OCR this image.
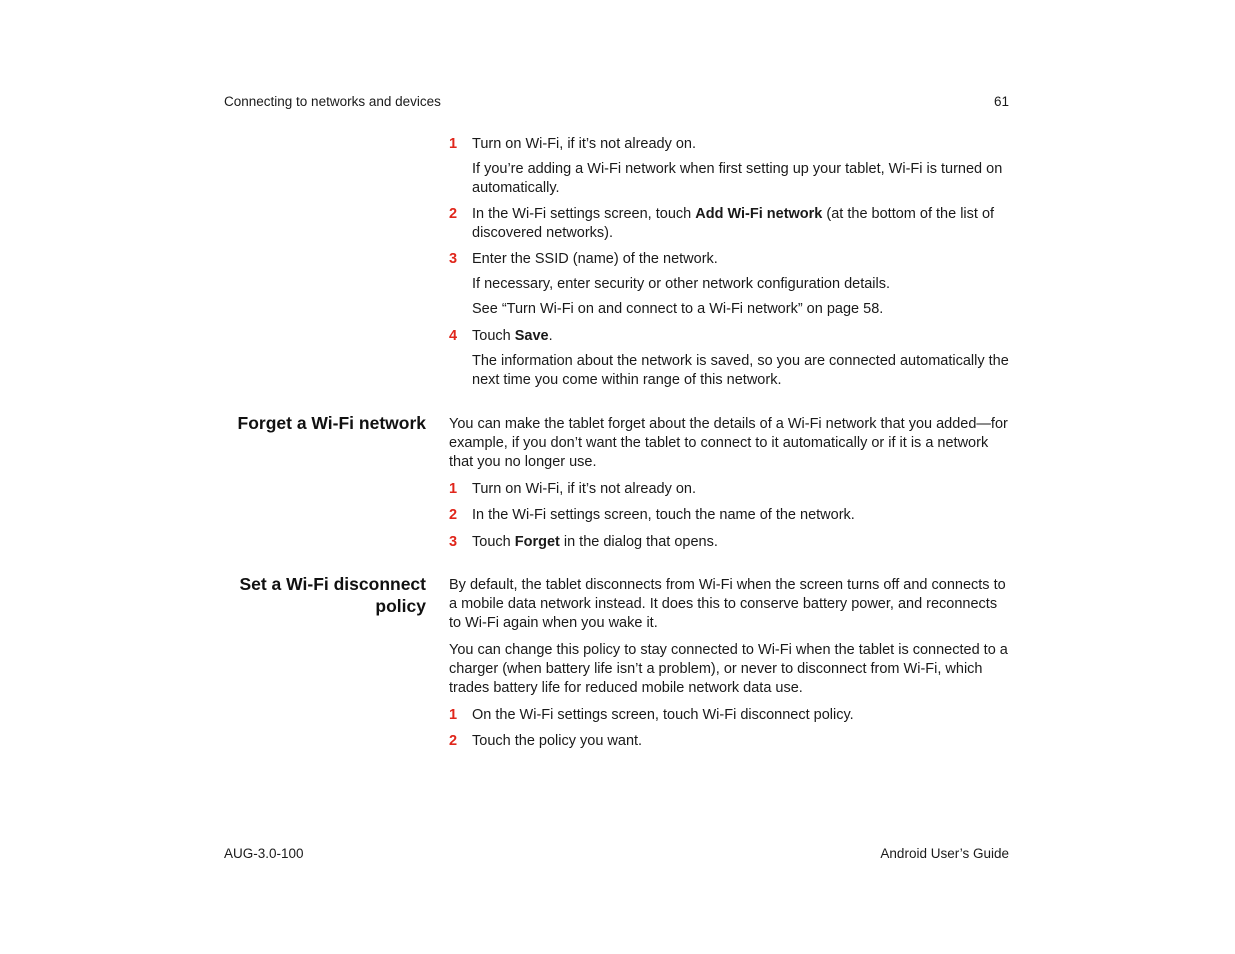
Connecting to networks and devices	61

1 Turn on Wi-Fi, if it’s not already on.

If you’re adding a Wi-Fi network when first setting up your tablet, Wi-Fi is turned on automatically.

2 In the Wi-Fi settings screen, touch Add Wi-Fi network (at the bottom of the list of discovered networks).

3 Enter the SSID (name) of the network.

If necessary, enter security or other network configuration details.

See “Turn Wi-Fi on and connect to a Wi-Fi network” on page 58.

4 Touch Save.

The information about the network is saved, so you are connected automatically the next time you come within range of this network.

Forget a Wi-Fi network You can make the tablet forget about the details of a Wi-Fi network that you added—for example, if you don’t want the tablet to connect to it automatically or if it is a network that you no longer use.

1 Turn on Wi-Fi, if it’s not already on.

2 In the Wi-Fi settings screen, touch the name of the network.

3 Touch Forget in the dialog that opens.

Set a Wi-Fi disconnect
policy

By default, the tablet disconnects from Wi-Fi when the screen turns off and connects to a mobile data network instead. It does this to conserve battery power, and reconnects to Wi-Fi again when you wake it.

You can change this policy to stay connected to Wi-Fi when the tablet is connected to a charger (when battery life isn’t a problem), or never to disconnect from Wi-Fi, which trades battery life for reduced mobile network data use.

1 On the Wi-Fi settings screen, touch Wi-Fi disconnect policy.

2 Touch the policy you want.

AUG-3.0-100	Android User’s Guide
